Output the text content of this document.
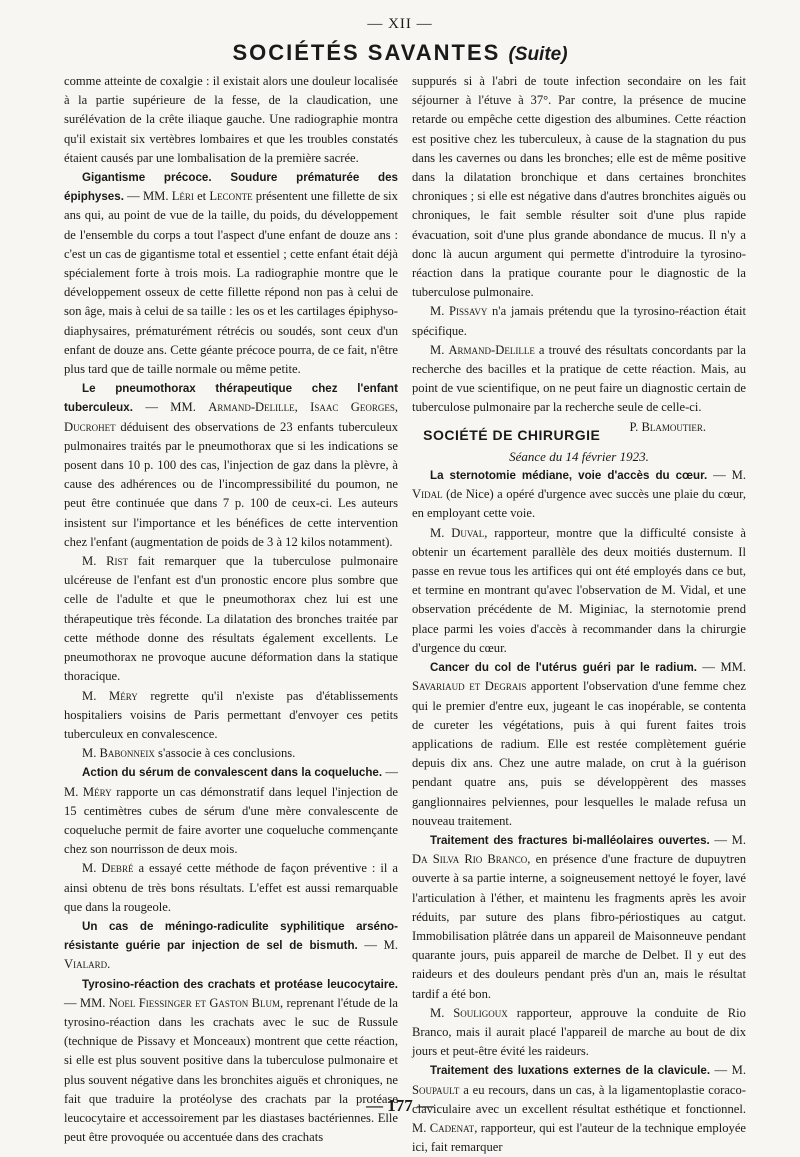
— XII —
SOCIÉTÉS SAVANTES (Suite)

comme atteinte de coxalgie : il existait alors une douleur localisée à la partie supérieure de la fesse, de la claudication, une surélévation de la crête iliaque gauche. Une radiographie montra qu'il existait six vertèbres lombaires et que les troubles constatés étaient causés par une lombalisation de la première sacrée.

Gigantisme précoce. Soudure prématurée des épiphyses. — MM. Léri et Leconte présentent une fillette de six ans qui, au point de vue de la taille, du poids, du développement de l'ensemble du corps a tout l'aspect d'une enfant de douze ans : c'est un cas de gigantisme total et essentiel ; cette enfant était déjà spécialement forte à trois mois. La radiographie montre que le développement osseux de cette fillette répond non pas à celui de son âge, mais à celui de sa taille : les os et les cartilages épiphyso-diaphysaires, prématurément rétrécis ou soudés, sont ceux d'un enfant de douze ans. Cette géante précoce pourra, de ce fait, n'être plus tard que de taille normale ou même petite.

Le pneumothorax thérapeutique chez l'enfant tuberculeux. — MM. Armand-Delille, Isaac Georges, Ducrohet déduisent des observations de 23 enfants tuberculeux pulmonaires traités par le pneumothorax que si les indications se posent dans 10 p. 100 des cas, l'injection de gaz dans la plèvre, à cause des adhérences ou de l'incompressibilité du poumon, ne peut être continuée que dans 7 p. 100 de ceux-ci. Les auteurs insistent sur l'importance et les bénéfices de cette intervention chez l'enfant (augmentation de poids de 3 à 12 kilos notamment).

M. Rist fait remarquer que la tuberculose pulmonaire ulcéreuse de l'enfant est d'un pronostic encore plus sombre que celle de l'adulte et que le pneumothorax chez lui est une thérapeutique très féconde. La dilatation des bronches traitée par cette méthode donne des résultats également excellents. Le pneumothorax ne provoque aucune déformation dans la statique thoracique.

M. Méry regrette qu'il n'existe pas d'établissements hospitaliers voisins de Paris permettant d'envoyer ces petits tuberculeux en convalescence.

M. Babonneix s'associe à ces conclusions.

Action du sérum de convalescent dans la coqueluche. — M. Méry rapporte un cas démonstratif dans lequel l'injection de 15 centimètres cubes de sérum d'une mère convalescente de coqueluche permit de faire avorter une coqueluche commençante chez son nourrisson de deux mois.

M. Debré a essayé cette méthode de façon préventive : il a ainsi obtenu de très bons résultats. L'effet est aussi remarquable que dans la rougeole.

Un cas de méningo-radiculite syphilitique arséno-résistante guérie par injection de sel de bismuth. — M. Vialard.

Tyrosino-réaction des crachats et protéase leucocytaire. — MM. Noel Fiessinger et Gaston Blum, reprenant l'étude de la tyrosino-réaction dans les crachats avec le suc de Russule (technique de Pissavy et Monceaux) montrent que cette réaction, si elle est plus souvent positive dans la tuberculose pulmonaire et plus souvent négative dans les bronchites aiguës et chroniques, ne fait que traduire la protéolyse des crachats par la protéase leucocytaire et accessoirement par les diastases bactériennes. Elle peut être provoquée ou accentuée dans des crachats

suppurés si à l'abri de toute infection secondaire on les fait séjourner à l'étuve à 37°. Par contre, la présence de mucine retarde ou empêche cette digestion des albumines. Cette réaction est positive chez les tuberculeux, à cause de la stagnation du pus dans les cavernes ou dans les bronches; elle est de même positive dans la dilatation bronchique et dans certaines bronchites chroniques ; si elle est négative dans d'autres bronchites aiguës ou chroniques, le fait semble résulter soit d'une plus rapide évacuation, soit d'une plus grande abondance de mucus. Il n'y a donc là aucun argument qui permette d'introduire la tyrosino-réaction dans la pratique courante pour le diagnostic de la tuberculose pulmonaire.

M. Pissavy n'a jamais prétendu que la tyrosino-réaction était spécifique.

M. Armand-Delille a trouvé des résultats concordants par la recherche des bacilles et la pratique de cette réaction. Mais, au point de vue scientifique, on ne peut faire un diagnostic certain de tuberculose pulmonaire par la recherche seule de celle-ci.
P. Blamoutier.

SOCIÉTÉ DE CHIRURGIE
Séance du 14 février 1923.

La sternotomie médiane, voie d'accès du cœur. — M. Vidal (de Nice) a opéré d'urgence avec succès une plaie du cœur, en employant cette voie.

M. Duval, rapporteur, montre que la difficulté consiste à obtenir un écartement parallèle des deux moitiés dusternum. Il passe en revue tous les artifices qui ont été employés dans ce but, et termine en montrant qu'avec l'observation de M. Vidal, et une observation précédente de M. Miginiac, la sternotomie prend place parmi les voies d'accès à recommander dans la chirurgie d'urgence du cœur.

Cancer du col de l'utérus guéri par le radium. — MM. Savariaud et Degrais apportent l'observation d'une femme chez qui le premier d'entre eux, jugeant le cas inopérable, se contenta de cureter les végétations, puis à qui furent faites trois applications de radium. Elle est restée complètement guérie depuis dix ans. Chez une autre malade, on crut à la guérison pendant quatre ans, puis se développèrent des masses ganglionnaires pelviennes, pour lesquelles le malade refusa un nouveau traitement.

Traitement des fractures bi-malléolaires ouvertes. — M. Da Silva Rio Branco, en présence d'une fracture de dupuytren ouverte à sa partie interne, a soigneusement nettoyé le foyer, lavé l'articulation à l'éther, et maintenu les fragments après les avoir réduits, par suture des plans fibro-périostiques au catgut. Immobilisation plâtrée dans un appareil de Maisonneuve pendant quarante jours, puis appareil de marche de Delbet. Il y eut des raideurs et des douleurs pendant près d'un an, mais le résultat tardif a été bon.

M. Souligoux rapporteur, approuve la conduite de Rio Branco, mais il aurait placé l'appareil de marche au bout de dix jours et peut-être évité les raideurs.

Traitement des luxations externes de la clavicule. — M. Soupault a eu recours, dans un cas, à la ligamentoplastie coraco-claviculaire avec un excellent résultat esthétique et fonctionnel. M. Cadenat, rapporteur, qui est l'auteur de la technique employée ici, fait remarquer

— 177 —
